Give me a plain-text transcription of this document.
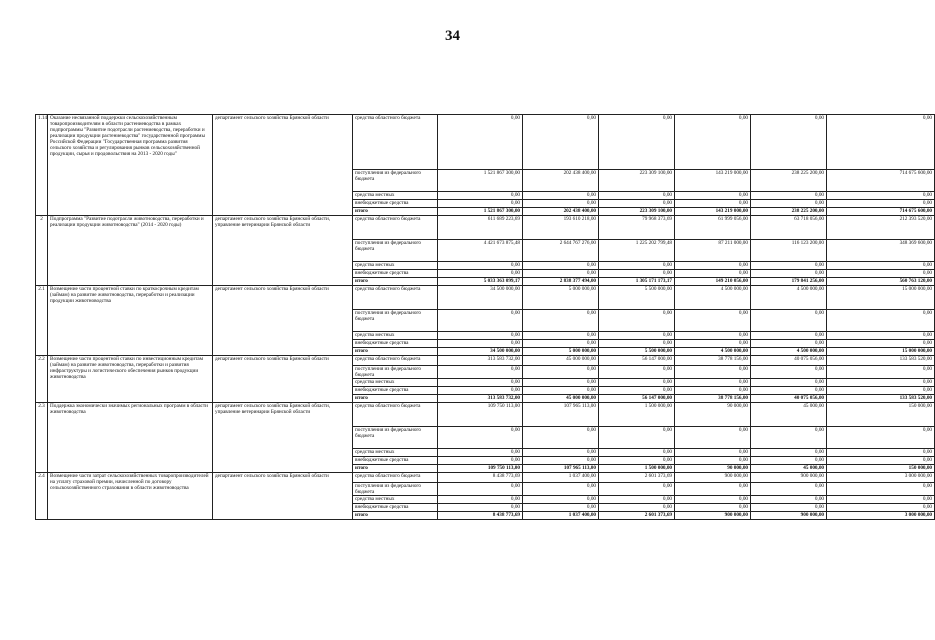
34
1.14	Оказание несвязанной поддержки сельскохозяйственным товаропроизводителям в области растениеводства в рамках подпрограммы "Развитие подотрасли растениеводства, переработки и реализации продукции растениеводства" государственной программы Российской Федерации "Государственная программа развития сельского хозяйства и регулирования рынков сельскохозяйственной продукции, сырья и продовольствия на 2013 - 2020 годы"	департамент сельского хозяйства Брянской области	средства областного бюджета	0,00	0,00	0,00	0,00	0,00	0,00
			поступления из федерального бюджета	1 521 867 300,00	202 438 400,00	223 309 100,00	143 219 000,00	238 225 200,00	714 675 600,00
			средства местных	0,00	0,00	0,00	0,00	0,00	0,00
			внебюджетные средства	0,00	0,00	0,00	0,00	0,00	0,00
			итого	1 521 867 300,00	202 438 400,00	223 309 100,00	143 219 000,00	238 225 200,00	714 675 600,00
2	Подпрограмма "Развитие подотрасли животноводства, переработки и реализации продукции животноводства" (2014 - 2020 годы)	департамент сельского хозяйства Брянской области, управление ветеринарии Брянской области	средства областного бюджета	611 689 223,69	193 610 218,00	79 968 373,69	61 999 056,00	63 718 056,00	212 393 520,00
			поступления из федерального бюджета	4 421 673 875,48	2 644 767 276,00	1 225 202 799,48	87 211 000,00	116 123 200,00	348 369 600,00
			средства местных	0,00	0,00	0,00	0,00	0,00	0,00
			внебюджетные средства	0,00	0,00	0,00	0,00	0,00	0,00
			итого	5 033 363 099,17	2 838 377 494,00	1 305 171 173,17	149 210 056,00	179 841 256,00	560 763 120,00
2.1	Возмещение части процентной ставки по краткосрочным кредитам (займам) на развитие животноводства, переработки и реализации продукции животноводства	департамент сельского хозяйства Брянской области	средства областного бюджета	34 500 000,00	5 000 000,00	5 500 000,00	4 500 000,00	4 500 000,00	15 000 000,00
			поступления из федерального бюджета	0,00	0,00	0,00	0,00	0,00	0,00
			средства местных	0,00	0,00	0,00	0,00	0,00	0,00
			внебюджетные средства	0,00	0,00	0,00	0,00	0,00	0,00
			итого	34 500 000,00	5 000 000,00	5 500 000,00	4 500 000,00	4 500 000,00	15 000 000,00
2.2	Возмещение части процентной ставки по инвестиционным кредитам (займам) на развитие животноводства, переработки и развития инфраструктуры и логистического обеспечения рынков продукции животноводства	департамент сельского хозяйства Брянской области	средства областного бюджета	313 583 732,00	45 000 000,00	56 147 000,00	38 778 156,00	40 075 056,00	133 583 520,00
			поступления из федерального бюджета	0,00	0,00	0,00	0,00	0,00	0,00
			средства местных	0,00	0,00	0,00	0,00	0,00	0,00
			внебюджетные средства	0,00	0,00	0,00	0,00	0,00	0,00
			итого	313 583 732,00	45 000 000,00	56 147 000,00	38 778 156,00	40 075 056,00	133 583 520,00
2.3	Поддержка экономически значимых региональных программ в области животноводства	департамент сельского хозяйства Брянской области, управление ветеринарии Брянской области	средства областного бюджета	109 750 113,00	107 965 113,00	1 500 000,00	90 000,00	45 000,00	150 000,00
			поступления из федерального бюджета	0,00	0,00	0,00	0,00	0,00	0,00
			средства местных	0,00	0,00	0,00	0,00	0,00	0,00
			внебюджетные средства	0,00	0,00	0,00	0,00	0,00	0,00
			итого	109 750 113,00	107 965 113,00	1 500 000,00	90 000,00	45 000,00	150 000,00
2.4	Возмещение части затрат сельскохозяйственных товаропроизводителей на уплату страховой премии, начисленной по договору сельскохозяйственного страхования в области животноводства	департамент сельского хозяйства Брянской области	средства областного бюджета	8 438 773,69	1 037 400,00	2 601 373,69	900 000,00	900 000,00	3 000 000,00
			поступления из федерального бюджета	0,00	0,00	0,00	0,00	0,00	0,00
			средства местных	0,00	0,00	0,00	0,00	0,00	0,00
			внебюджетные средства	0,00	0,00	0,00	0,00	0,00	0,00
			итого	8 438 773,69	1 037 400,00	2 601 373,69	900 000,00	900 000,00	3 000 000,00
